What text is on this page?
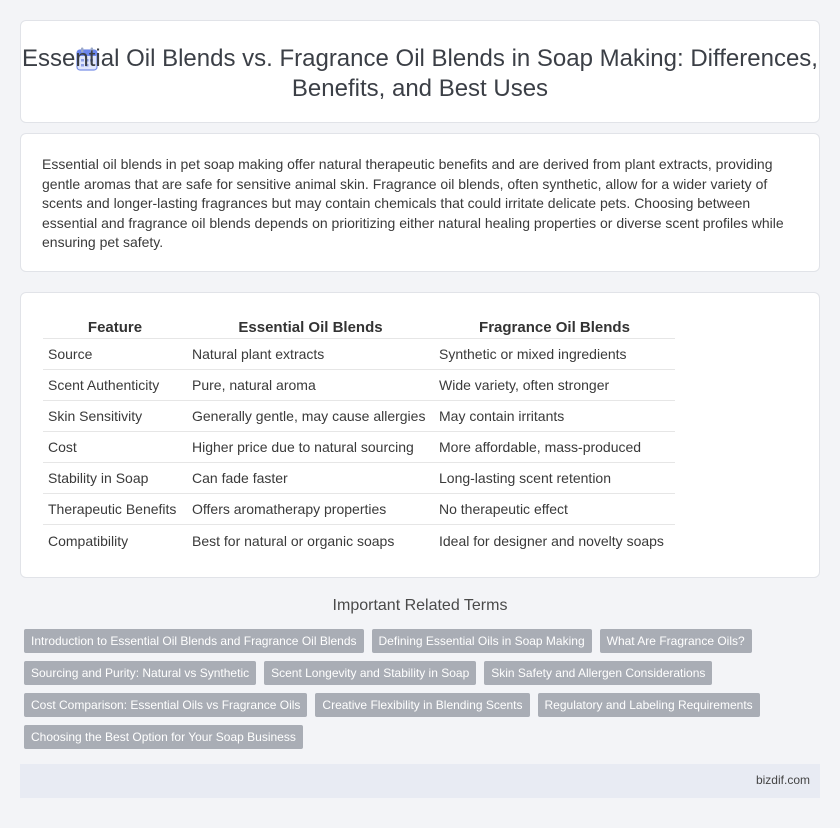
Essential Oil Blends vs. Fragrance Oil Blends in Soap Making: Differences, Benefits, and Best Uses

Essential oil blends in pet soap making offer natural therapeutic benefits and are derived from plant extracts, providing gentle aromas that are safe for sensitive animal skin. Fragrance oil blends, often synthetic, allow for a wider variety of scents and longer-lasting fragrances but may contain chemicals that could irritate delicate pets. Choosing between essential and fragrance oil blends depends on prioritizing either natural healing properties or diverse scent profiles while ensuring pet safety.

Feature	Essential Oil Blends	Fragrance Oil Blends
Source	Natural plant extracts	Synthetic or mixed ingredients
Scent Authenticity	Pure, natural aroma	Wide variety, often stronger
Skin Sensitivity	Generally gentle, may cause allergies	May contain irritants
Cost	Higher price due to natural sourcing	More affordable, mass-produced
Stability in Soap	Can fade faster	Long-lasting scent retention
Therapeutic Benefits	Offers aromatherapy properties	No therapeutic effect
Compatibility	Best for natural or organic soaps	Ideal for designer and novelty soaps
Important Related Terms
Introduction to Essential Oil Blends and Fragrance Oil Blends	Defining Essential Oils in Soap Making	What Are Fragrance Oils?
Sourcing and Purity: Natural vs Synthetic	Scent Longevity and Stability in Soap	Skin Safety and Allergen Considerations
Cost Comparison: Essential Oils vs Fragrance Oils	Creative Flexibility in Blending Scents	Regulatory and Labeling Requirements
Choosing the Best Option for Your Soap Business
bizdif.com
